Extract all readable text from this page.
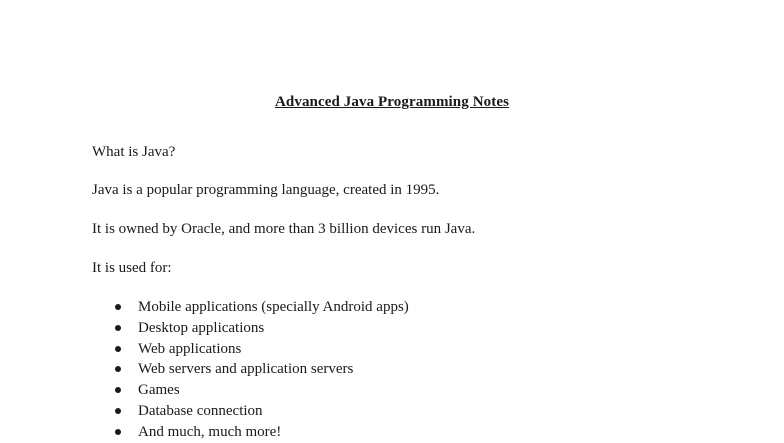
Advanced Java Programming Notes
What is Java?
Java is a popular programming language, created in 1995.
It is owned by Oracle, and more than 3 billion devices run Java.
It is used for:
Mobile applications (specially Android apps)
Desktop applications
Web applications
Web servers and application servers
Games
Database connection
And much, much more!
